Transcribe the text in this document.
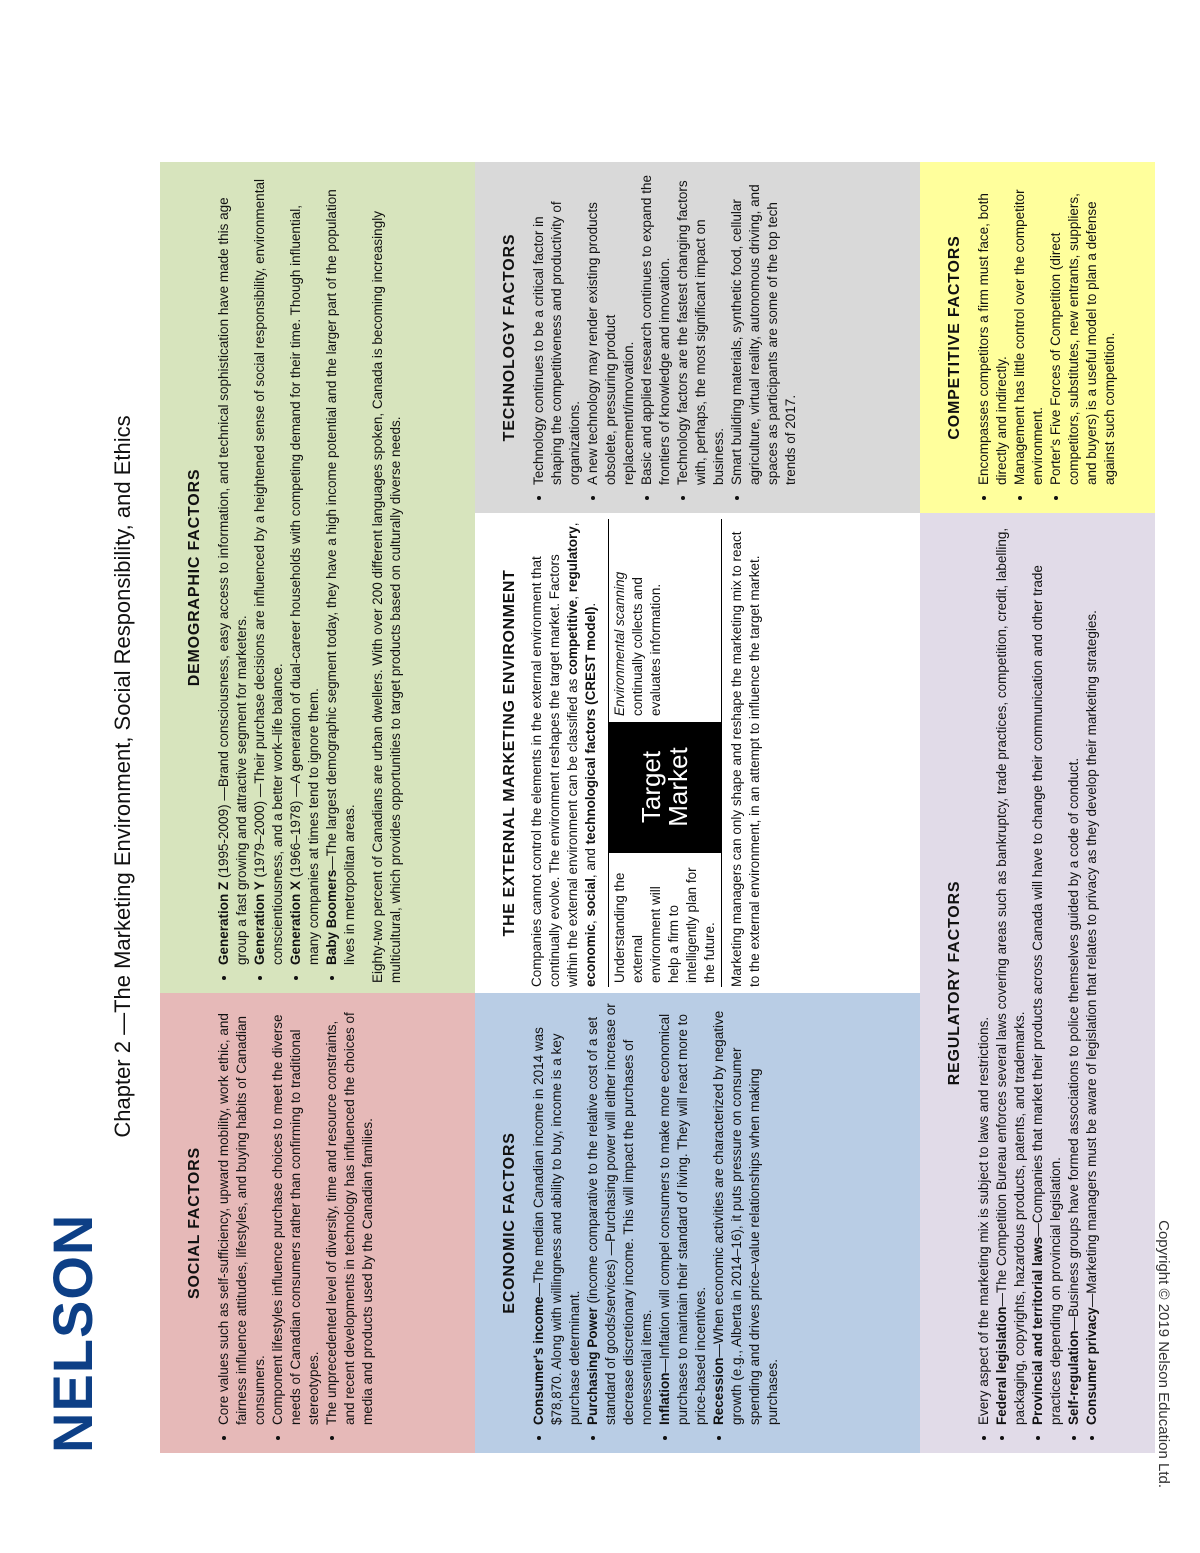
NELSON
Chapter 2 —The Marketing Environment, Social Responsibility, and Ethics
Copyright © 2019 Nelson Education Ltd.
SOCIAL FACTORS • Core values such as self-sufficiency, upward mobility, work ethic, and fairness influence attitudes, lifestyles, and buying habits of Canadian consumers. • Component lifestyles influence purchase choices to meet the diverse needs of Canadian consumers rather than confirming to traditional stereotypes. • The unprecedented level of diversity, time and resource constraints, and recent developments in technology has influenced the choices of media and products used by the Canadian families.
DEMOGRAPHIC FACTORS
• Generation Z (1995-2009) —Brand consciousness, easy access to information, and technical sophistication have made this age group a fast growing and attractive segment for marketers. • Generation Y (1979–2000) —Their purchase decisions are influenced by a heightened sense of social responsibility, environmental conscientiousness, and a better work–life balance. • Generation X (1966–1978) —A generation of dual-career households with competing demand for their time. Though influential, many companies at times tend to ignore them. • Baby Boomers—The largest demographic segment today, they have a high income potential and the larger part of the population lives in metropolitan areas. Eighty-two percent of Canadians are urban dwellers. With over 200 different languages spoken, Canada is becoming increasingly multicultural, which provides opportunities to target products based on culturally diverse needs.

ECONOMIC FACTORS
• Consumer's income—The median Canadian income in 2014 was $78,870. Along with willingness and ability to buy, income is a key purchase determinant. • Purchasing Power (income comparative to the relative cost of a set standard of goods/services) —Purchasing power will either increase or decrease discretionary income. This will impact the purchases of nonessential items. • Inflation—Inflation will compel consumers to make more economical purchases to maintain their standard of living. They will react more to price-based incentives. • Recession—When economic activities are characterized by negative growth (e.g., Alberta in 2014–16), it puts pressure on consumer spending and drives price–value relationships when making purchases.
THE EXTERNAL MARKETING ENVIRONMENT Companies cannot control the elements in the external environment that continually evolve. The environment reshapes the target market. Factors within the external environment can be classified as competitive, regulatory, economic, social, and technological factors (CREST model).
Understanding the external environment will help a firm to intelligently plan for the future.
Target
Market
Environmental scanning continually collects and evaluates information.	Marketing managers can only shape and reshape the marketing mix to react to the external environment, in an attempt to influence the target market.

TECHNOLOGY FACTORS • Technology continues to be a critical factor in shaping the competitiveness and productivity of organizations. • A new technology may render existing products obsolete, pressuring product replacement/innovation. • Basic and applied research continues to expand the frontiers of knowledge and innovation. • Technology factors are the fastest changing factors with, perhaps, the most significant impact on business. • Smart building materials, synthetic food, cellular agriculture, virtual reality, autonomous driving, and spaces as participants are some of the top tech trends of 2017.
REGULATORY FACTORS
• Every aspect of the marketing mix is subject to laws and restrictions. • Federal legislation—The Competition Bureau enforces several laws covering areas such as bankruptcy, trade practices, competition, credit, labelling, packaging, copyrights, hazardous products, patents, and trademarks. • Provincial and territorial laws—Companies that market their products across Canada will have to change their communication and other trade practices depending on provincial legislation. • Self-regulation—Business groups have formed associations to police themselves guided by a code of conduct.
• Consumer privacy—Marketing managers must be aware of legislation that relates to privacy as they develop their marketing strategies.
COMPETITIVE FACTORS • Encompasses competitors a firm must face, both directly and indirectly. • Management has little control over the competitor environment. • Porter's Five Forces of Competition (direct competitors, substitutes, new entrants, suppliers, and buyers) is a useful model to plan a defense against such competition.
